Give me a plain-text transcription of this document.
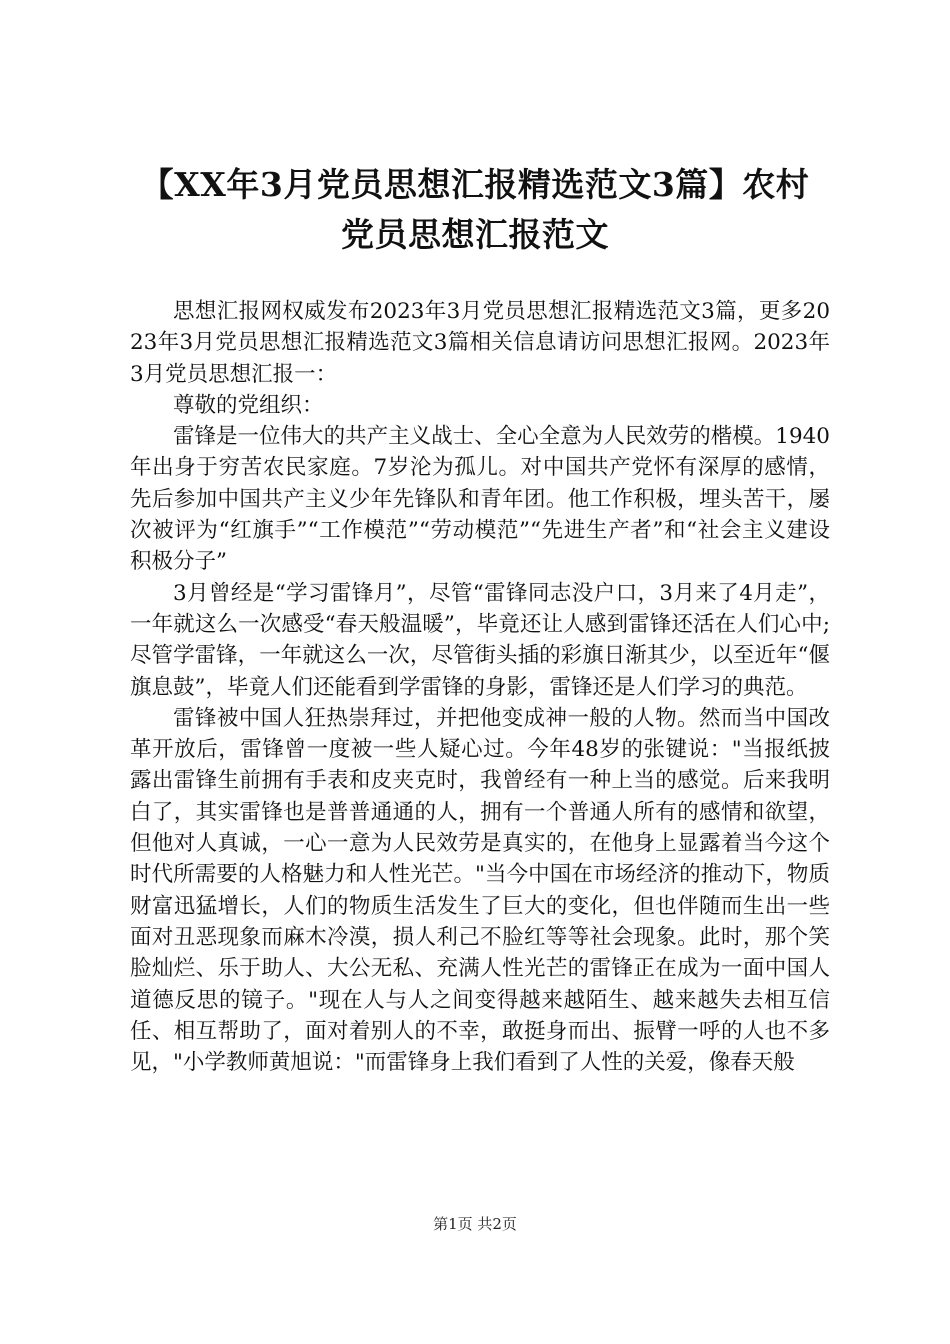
【XX年3月党员思想汇报精选范文3篇】农村
党员思想汇报范文

思想汇报网权威发布2023年3月党员思想汇报精选范文3篇，更多2023年3月党员思想汇报精选范文3篇相关信息请访问思想汇报网。2023年3月党员思想汇报一：

尊敬的党组织：

雷锋是一位伟大的共产主义战士、全心全意为人民效劳的楷模。1940年出身于穷苦农民家庭。7岁沦为孤儿。对中国共产党怀有深厚的感情，先后参加中国共产主义少年先锋队和青年团。他工作积极，埋头苦干，屡次被评为“红旗手”“工作模范”“劳动模范”“先进生产者”和“社会主义建设积极分子”

3月曾经是“学习雷锋月”，尽管“雷锋同志没户口，3月来了4月走”，一年就这么一次感受“春天般温暖”，毕竟还让人感到雷锋还活在人们心中;尽管学雷锋，一年就这么一次，尽管街头插的彩旗日渐其少，以至近年“偃旗息鼓”，毕竟人们还能看到学雷锋的身影，雷锋还是人们学习的典范。

雷锋被中国人狂热崇拜过，并把他变成神一般的人物。然而当中国改革开放后，雷锋曾一度被一些人疑心过。今年48岁的张键说："当报纸披露出雷锋生前拥有手表和皮夹克时，我曾经有一种上当的感觉。后来我明白了，其实雷锋也是普普通通的人，拥有一个普通人所有的感情和欲望，但他对人真诚，一心一意为人民效劳是真实的，在他身上显露着当今这个时代所需要的人格魅力和人性光芒。"当今中国在市场经济的推动下，物质财富迅猛增长，人们的物质生活发生了巨大的变化，但也伴随而生出一些面对丑恶现象而麻木冷漠，损人利己不脸红等等社会现象。此时，那个笑脸灿烂、乐于助人、大公无私、充满人性光芒的雷锋正在成为一面中国人道德反思的镜子。"现在人与人之间变得越来越陌生、越来越失去相互信任、相互帮助了，面对着别人的不幸，敢挺身而出、振臂一呼的人也不多见，"小学教师黄旭说："而雷锋身上我们看到了人性的关爱，像春天般

第1页 共2页
